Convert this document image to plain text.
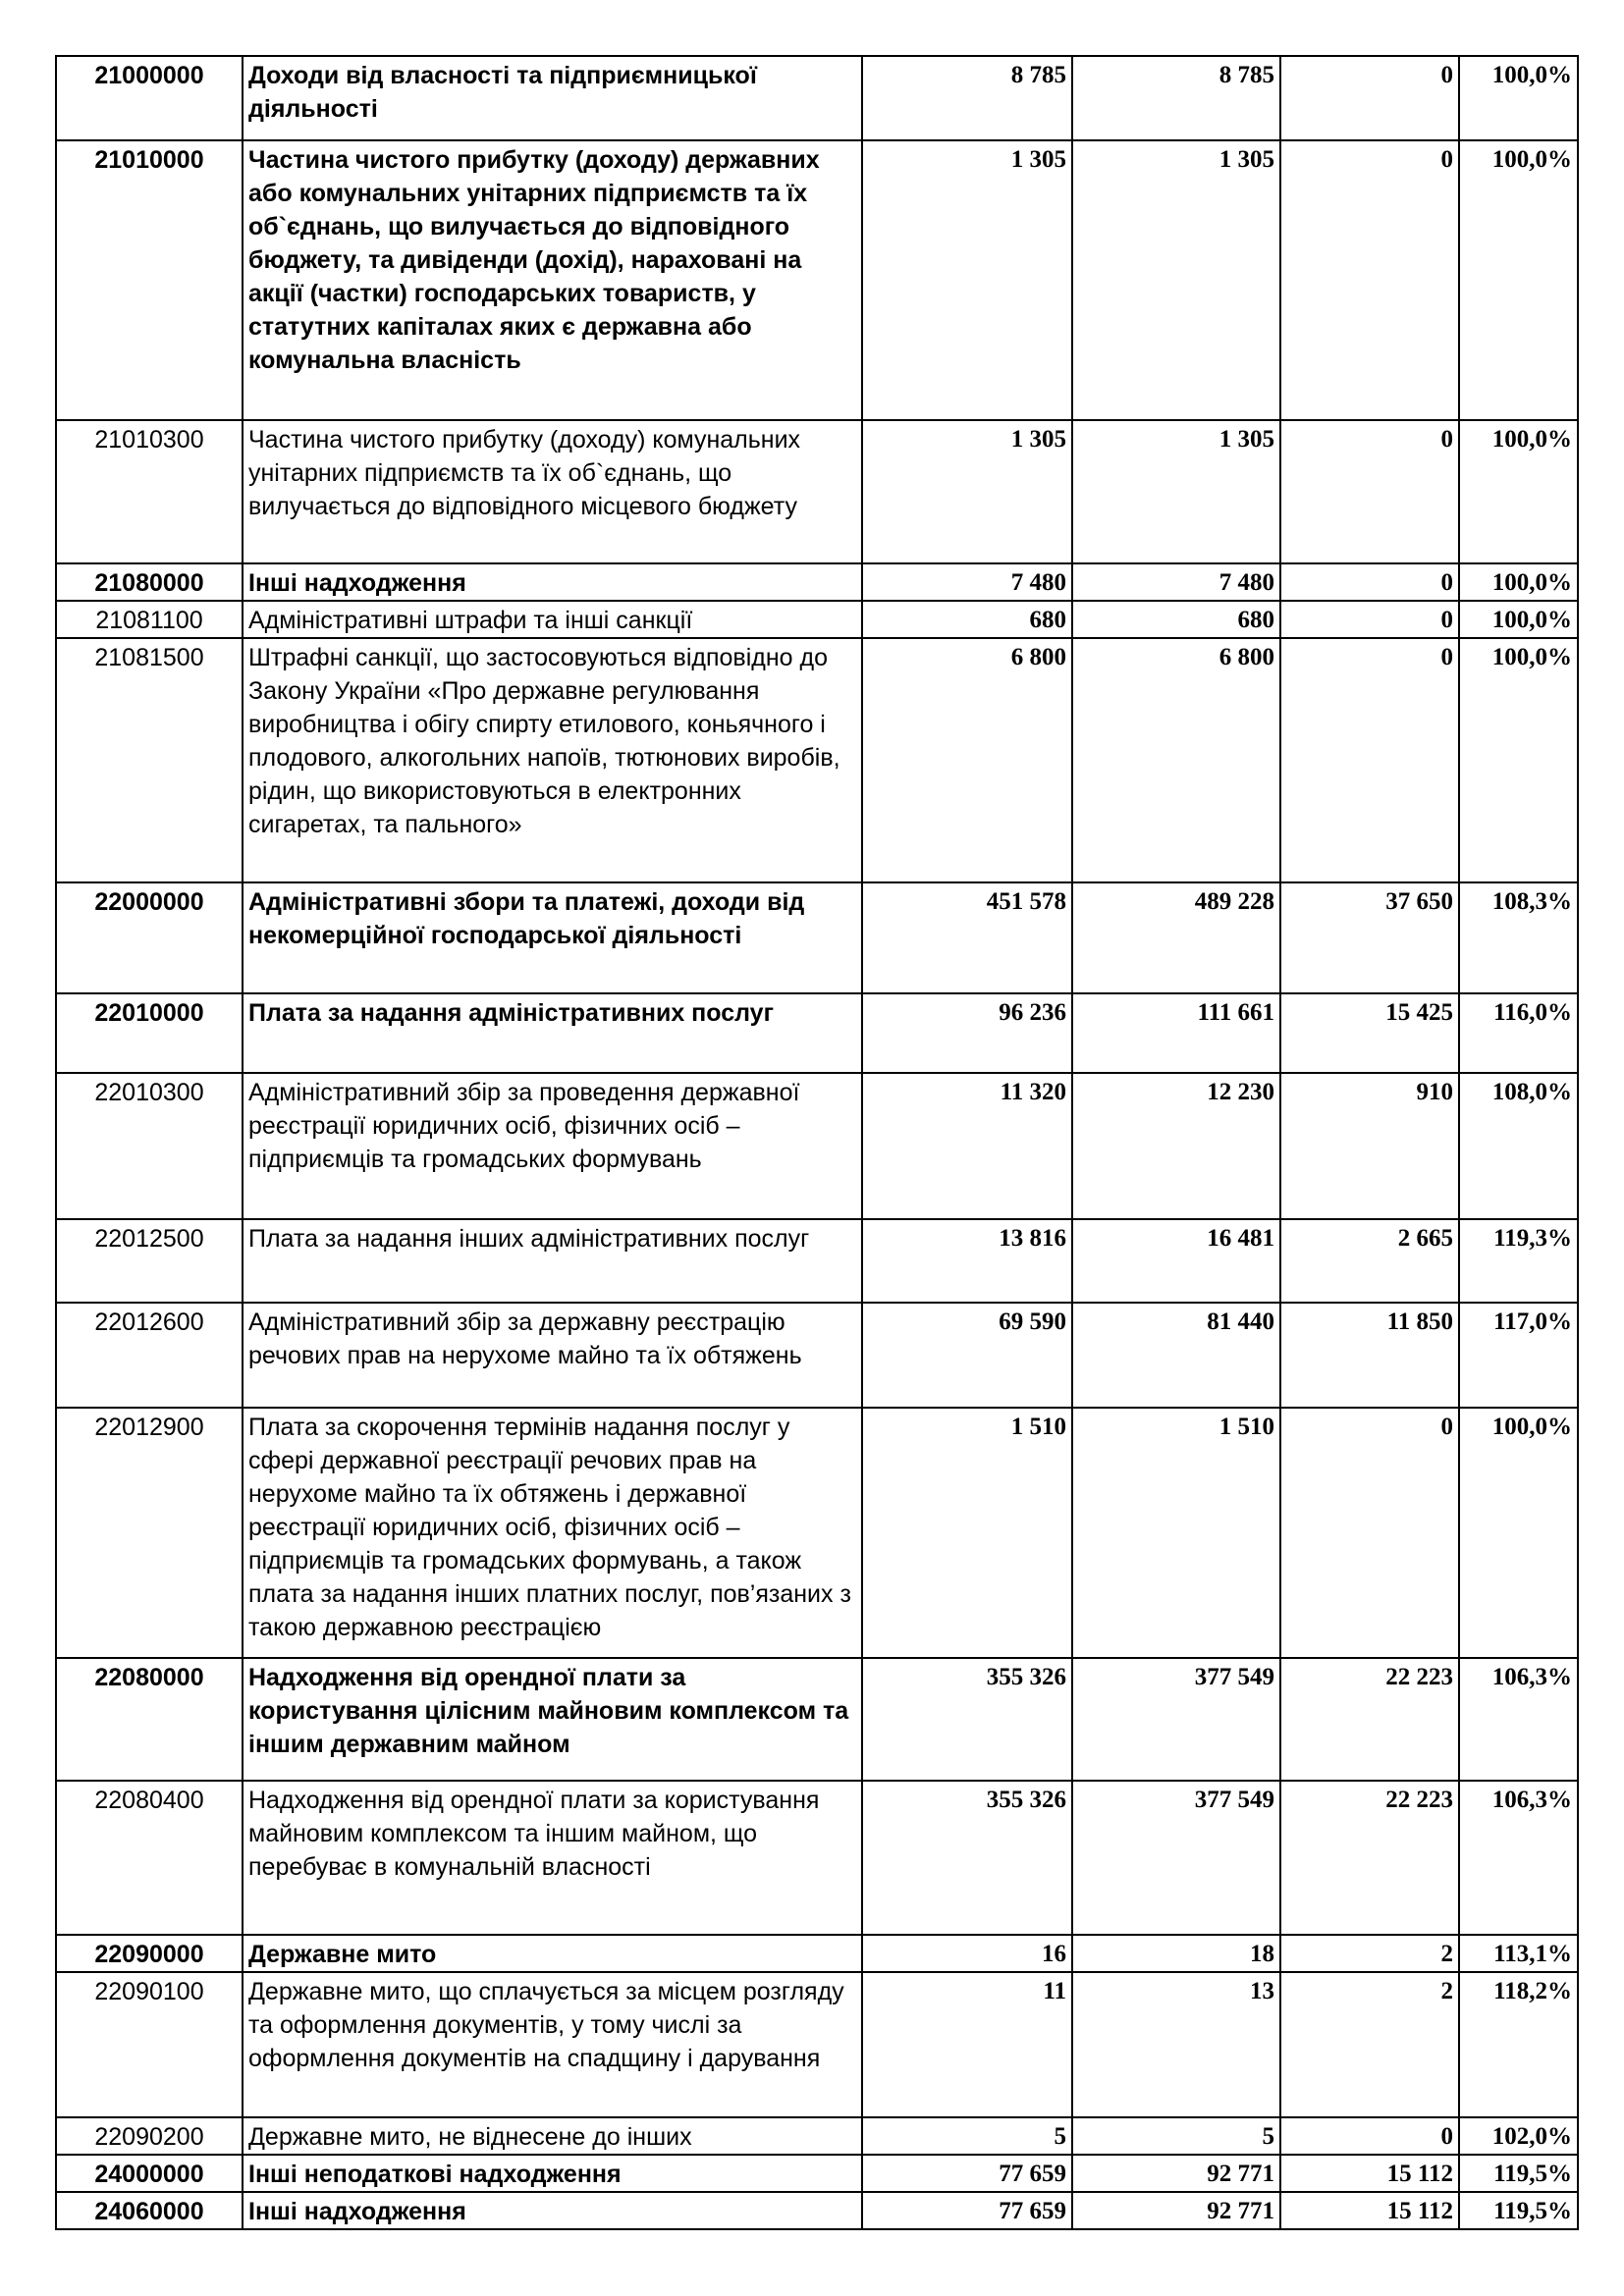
21000000	Доходи від власності та підприємницької діяльності	8 785	8 785	0	100,0%
21010000	Частина чистого прибутку (доходу) державних або комунальних унітарних підприємств та їх об`єднань, що вилучається до відповідного бюджету, та дивіденди (дохід), нараховані на акції (частки) господарських товариств, у статутних капіталах яких є державна або комунальна власність	1 305	1 305	0	100,0%
21010300	Частина чистого прибутку (доходу) комунальних унітарних підприємств та їх об`єднань, що вилучається до відповідного місцевого бюджету	1 305	1 305	0	100,0%
21080000	Інші надходження	7 480	7 480	0	100,0%
21081100	Адміністративні штрафи та інші санкції	680	680	0	100,0%
21081500	Штрафні санкції, що застосовуються відповідно до Закону України «Про державне регулювання виробництва і обігу спирту етилового, коньячного і плодового, алкогольних напоїв, тютюнових виробів, рідин, що використовуються в електронних сигаретах, та пального»	6 800	6 800	0	100,0%
22000000	Адміністративні збори та платежі, доходи від некомерційної господарської діяльності	451 578	489 228	37 650	108,3%
22010000	Плата за надання адміністративних послуг	96 236	111 661	15 425	116,0%
22010300	Адміністративний збір за проведення державної реєстрації юридичних осіб, фізичних осіб – підприємців та громадських формувань	11 320	12 230	910	108,0%
22012500	Плата за надання інших адміністративних послуг	13 816	16 481	2 665	119,3%
22012600	Адміністративний збір за державну реєстрацію речових прав на нерухоме майно та їх обтяжень	69 590	81 440	11 850	117,0%
22012900	Плата за скорочення термінів надання послуг у сфері державної реєстрації речових прав на нерухоме майно та їх обтяжень і державної реєстрації юридичних осіб, фізичних осіб – підприємців та громадських формувань, а також плата за надання інших платних послуг, пов’язаних з такою державною реєстрацією	1 510	1 510	0	100,0%
22080000	Надходження від орендної плати за користування цілісним майновим комплексом та іншим державним майном	355 326	377 549	22 223	106,3%
22080400	Надходження від орендної плати за користування майновим комплексом та іншим майном, що перебуває в комунальній власності	355 326	377 549	22 223	106,3%
22090000	Державне мито	16	18	2	113,1%
22090100	Державне мито, що сплачується за місцем розгляду та оформлення документів, у тому числі за оформлення документів на спадщину і дарування	11	13	2	118,2%
22090200	Державне мито, не віднесене до інших	5	5	0	102,0%
24000000	Інші неподаткові надходження	77 659	92 771	15 112	119,5%
24060000	Інші надходження	77 659	92 771	15 112	119,5%
